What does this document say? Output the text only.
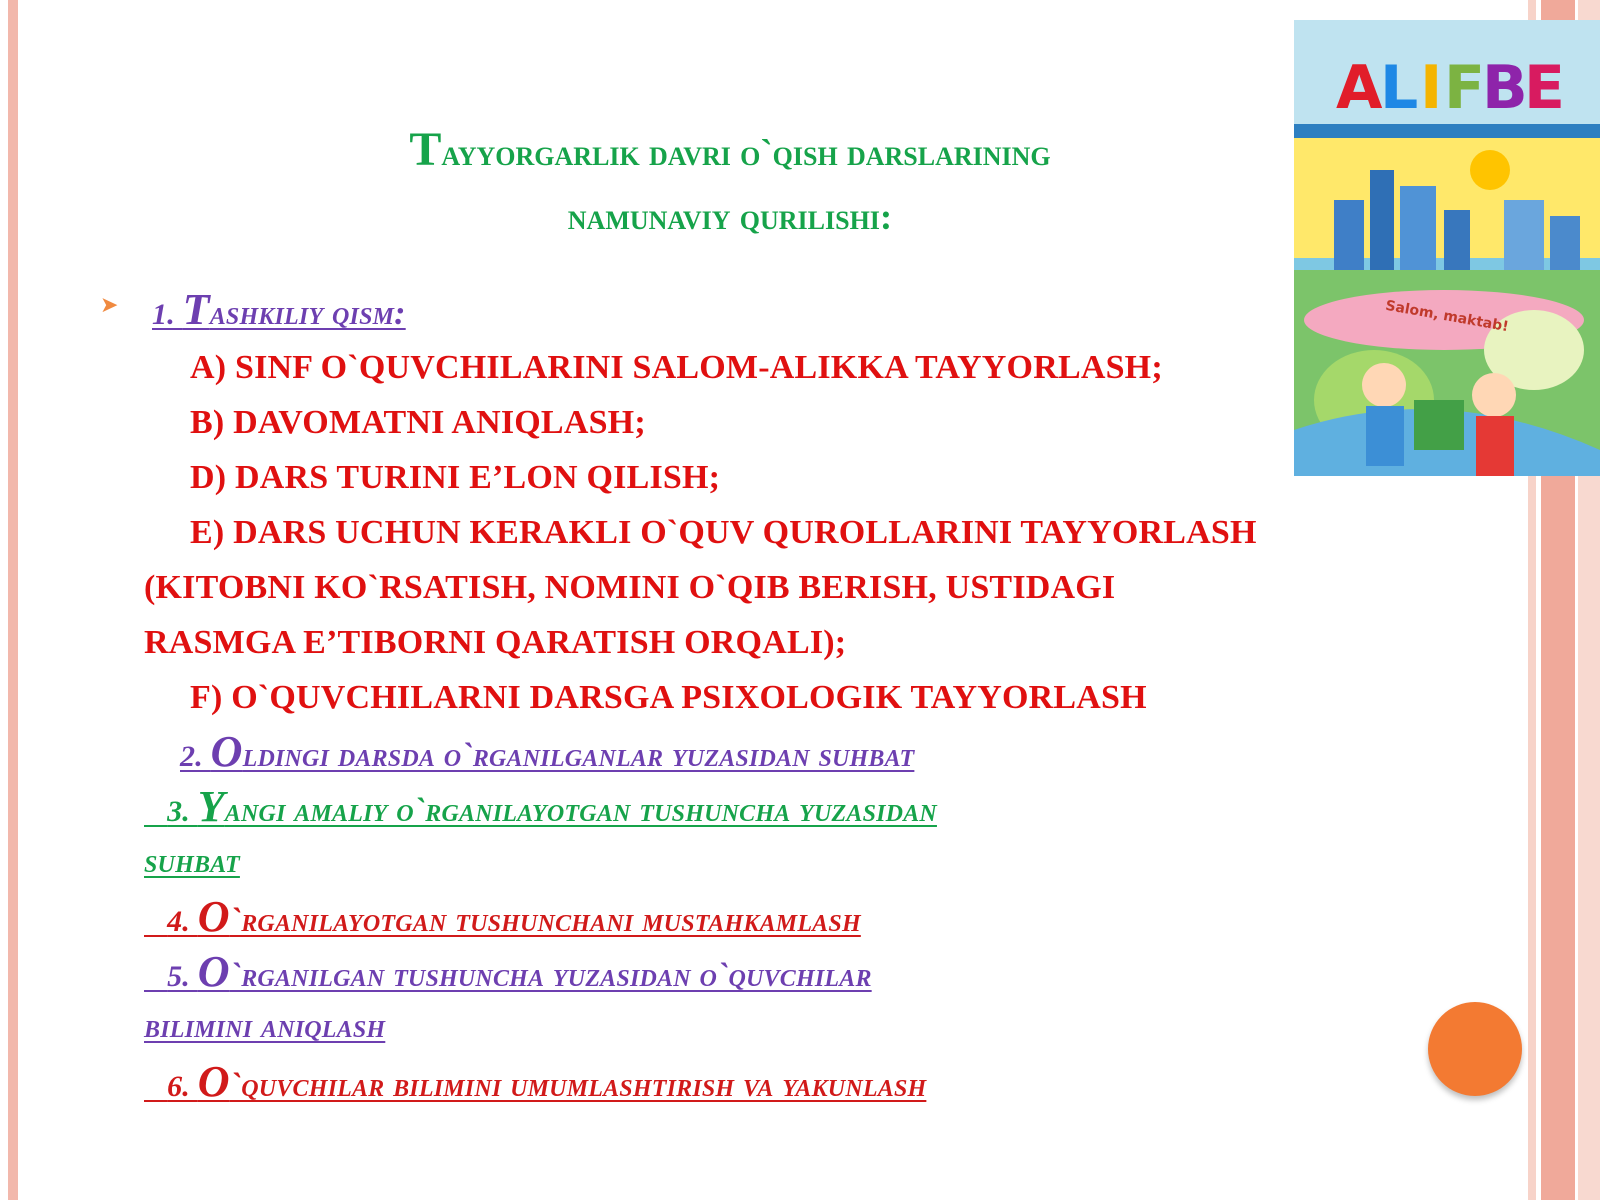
A
L I F
B
E
Salom, maktab!
Tayyorgarlik davri o`qish darslarining
namunaviy qurilishi:
➤ 1. Tashkiliy qism:
A) SINF O`QUVCHILARINI SALOM-ALIKKA TAYYORLASH;
B) DAVOMATNI ANIQLASH;
D) DARS TURINI E’LON QILISH;
E) DARS UCHUN KERAKLI O`QUV QUROLLARINI TAYYORLASH
(KITOBNI KO`RSATISH, NOMINI O`QIB BERISH, USTIDAGI
RASMGA E’TIBORNI QARATISH ORQALI);
F) O`QUVCHILARNI DARSGA PSIXOLOGIK TAYYORLASH
2. Oldingi darsda o`rganilganlar yuzasidan suhbat
3. Yangi amaliy o`rganilayotgan tushuncha yuzasidan
suhbat
4. O`rganilayotgan tushunchani mustahkamlash
5. O`rganilgan tushuncha yuzasidan o`quvchilar
bilimini aniqlash
6. O`quvchilar bilimini umumlashtirish va yakunlash
